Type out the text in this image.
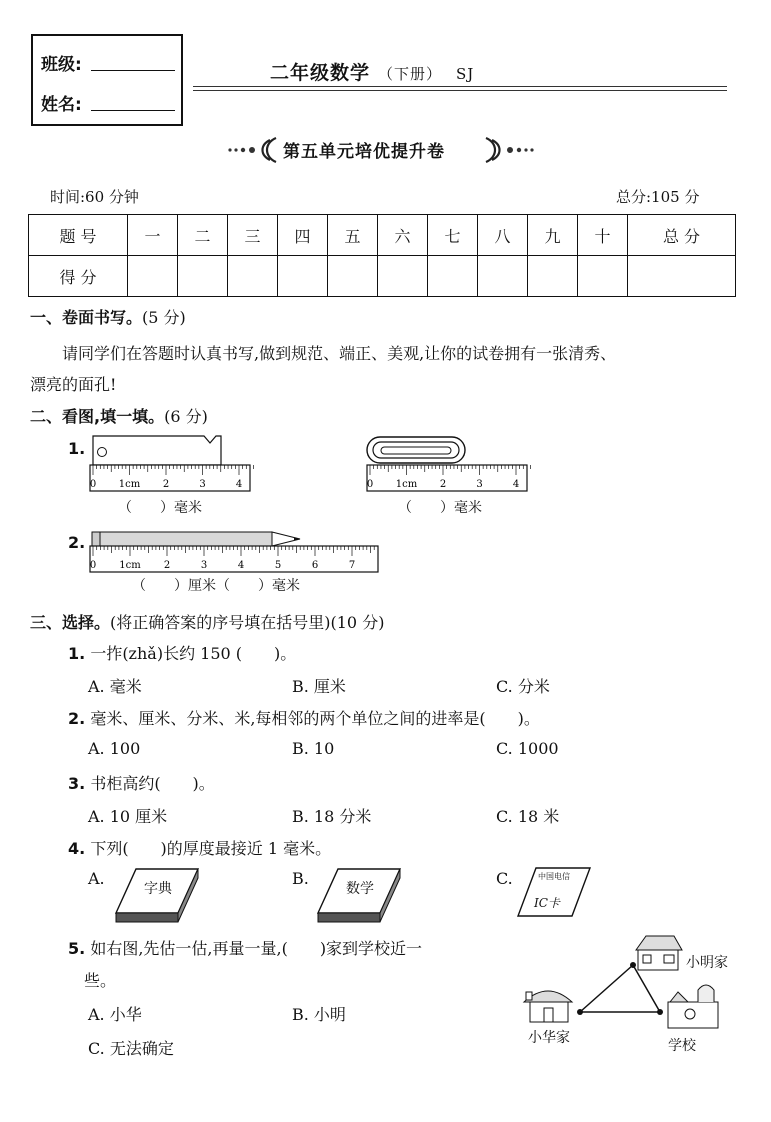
班级:
姓名:
二年级数学 （下册） SJ
第五单元培优提升卷
时间:60 分钟	总分:105 分
题 号	一	二	三	四	五	六	七	八	九	十	总 分
得 分											
一、卷面书写。(5 分)
请同学们在答题时认真书写,做到规范、端正、美观,让你的试卷拥有一张清秀、
漂亮的面孔!
二、看图,填一填。(6 分)
1.
0 1cm 2	3	4
（　　）毫米
0 1cm 2	3	4
（　　）毫米
2.
0 1cm 2	3	4	5	6	7
（　　）厘米（　　）毫米
三、选择。(将正确答案的序号填在括号里)(10 分)
1. 一拃(zhǎ)长约 150 (　　)。
A. 毫米	B. 厘米	C. 分米
2. 毫米、厘米、分米、米,每相邻的两个单位之间的进率是(　　)。
A. 100	B. 10	C. 1000
3. 书柜高约(　　)。
A. 10 厘米	B. 18 分米	C. 18 米
4. 下列(　　)的厚度最接近 1 毫米。
A.	B.	C.
字典	数学
中国电信
IC卡
5. 如右图,先估一估,再量一量,(　　)家到学校近一
些。
A. 小华	B. 小明
C. 无法确定
小明家
小华家	学校
